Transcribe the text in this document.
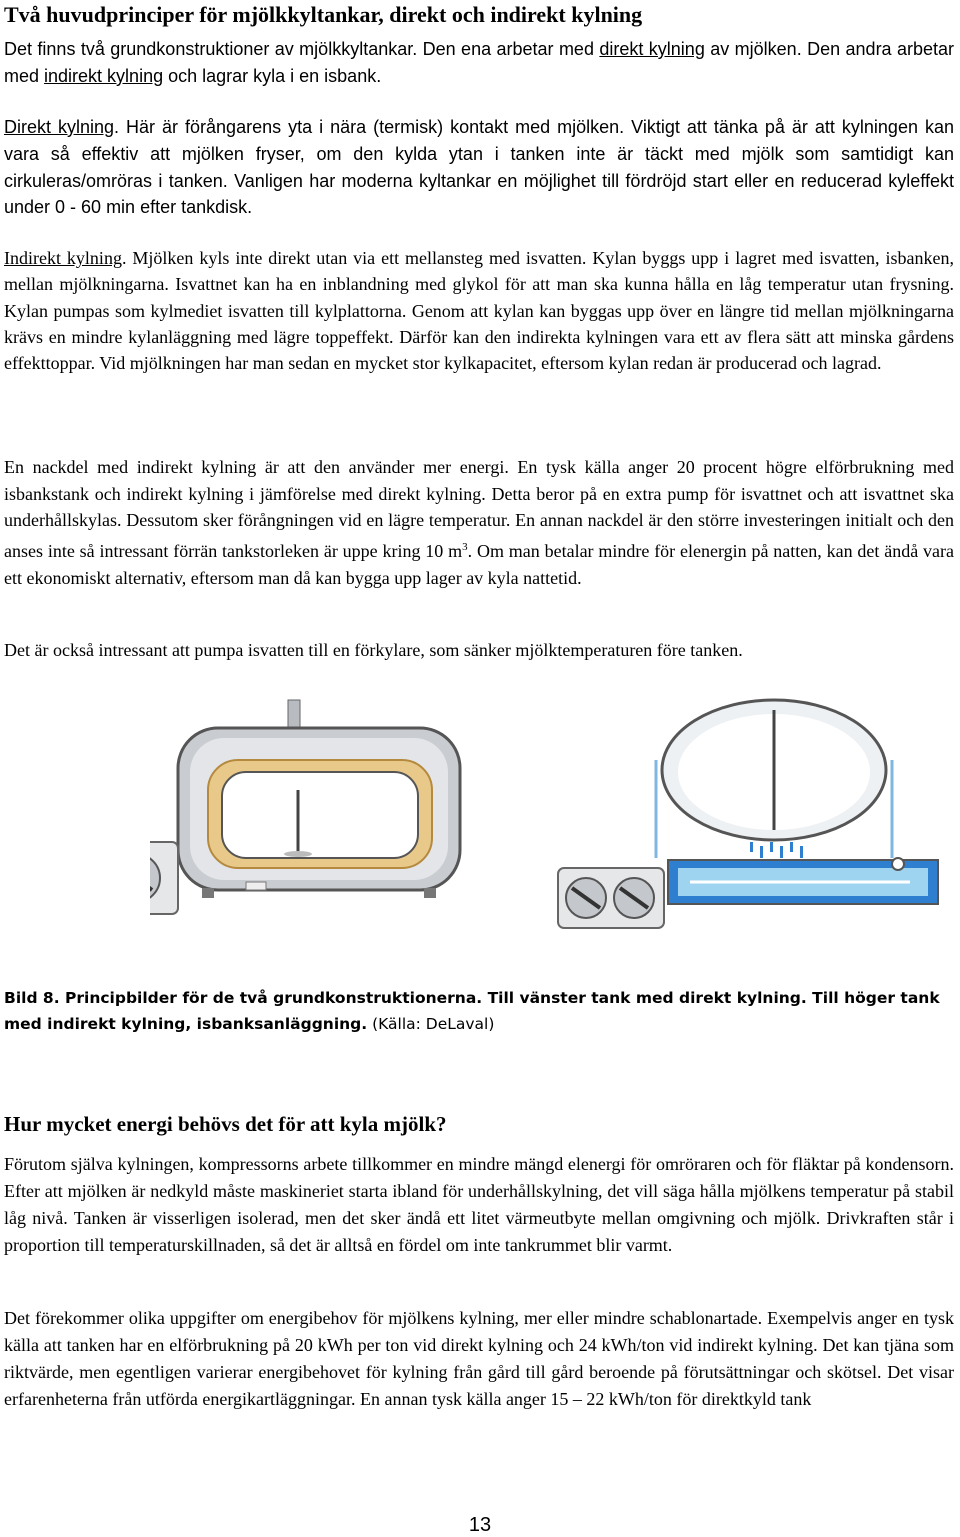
Två huvudprinciper för mjölkkyltankar, direkt och indirekt kylning

Det finns två grundkonstruktioner av mjölkkyltankar. Den ena arbetar med direkt kylning av mjölken. Den andra arbetar med indirekt kylning och lagrar kyla i en isbank.

Direkt kylning. Här är förångarens yta i nära (termisk) kontakt med mjölken. Viktigt att tänka på är att kylningen kan vara så effektiv att mjölken fryser, om den kylda ytan i tanken inte är täckt med mjölk som samtidigt kan cirkuleras/omröras i tanken. Vanligen har moderna kyltankar en möjlighet till fördröjd start eller en reducerad kyleffekt under 0 - 60 min efter tankdisk.

Indirekt kylning. Mjölken kyls inte direkt utan via ett mellansteg med isvatten. Kylan byggs upp i lagret med isvatten, isbanken, mellan mjölkningarna. Isvattnet kan ha en inblandning med glykol för att man ska kunna hålla en låg temperatur utan frysning. Kylan pumpas som kylmediet isvatten till kylplattorna. Genom att kylan kan byggas upp över en längre tid mellan mjölkningarna krävs en mindre kylanläggning med lägre toppeffekt. Därför kan den indirekta kylningen vara ett av flera sätt att minska gårdens effekttoppar. Vid mjölkningen har man sedan en mycket stor kylkapacitet, eftersom kylan redan är producerad och lagrad.

En nackdel med indirekt kylning är att den använder mer energi. En tysk källa anger 20 procent högre elförbrukning med isbankstank och indirekt kylning i jämförelse med direkt kylning. Detta beror på en extra pump för isvattnet och att isvattnet ska underhållskylas. Dessutom sker förångningen vid en lägre temperatur. En annan nackdel är den större investeringen initialt och den anses inte så intressant förrän tankstorleken är uppe kring 10 $m^3$. Om man betalar mindre för elenergin på natten, kan det ändå vara ett ekonomiskt alternativ, eftersom man då kan bygga upp lager av kyla nattetid.

Det är också intressant att pumpa isvatten till en förkylare, som sänker mjölktemperaturen före tanken.

Bild 8. Principbilder för de två grundkonstruktionerna. Till vänster tank med direkt kylning. Till höger tank med indirekt kylning, isbanksanläggning. (Källa: DeLaval)

Hur mycket energi behövs det för att kyla mjölk?

Förutom själva kylningen, kompressorns arbete tillkommer en mindre mängd elenergi för omröraren och för fläktar på kondensorn. Efter att mjölken är nedkyld måste maskineriet starta ibland för underhållskylning, det vill säga hålla mjölkens temperatur på stabil låg nivå. Tanken är visserligen isolerad, men det sker ändå ett litet värmeutbyte mellan omgivning och mjölk. Drivkraften står i proportion till temperaturskillnaden, så det är alltså en fördel om inte tankrummet blir varmt.

Det förekommer olika uppgifter om energibehov för mjölkens kylning, mer eller mindre schablonartade. Exempelvis anger en tysk källa att tanken har en elförbrukning på 20 kWh per ton vid direkt kylning och 24 kWh/ton vid indirekt kylning. Det kan tjäna som riktvärde, men egentligen varierar energibehovet för kylning från gård till gård beroende på förutsättningar och skötsel. Det visar erfarenheterna från utförda energikartläggningar. En annan tysk källa anger 15 – 22 kWh/ton för direktkyld tank

13
